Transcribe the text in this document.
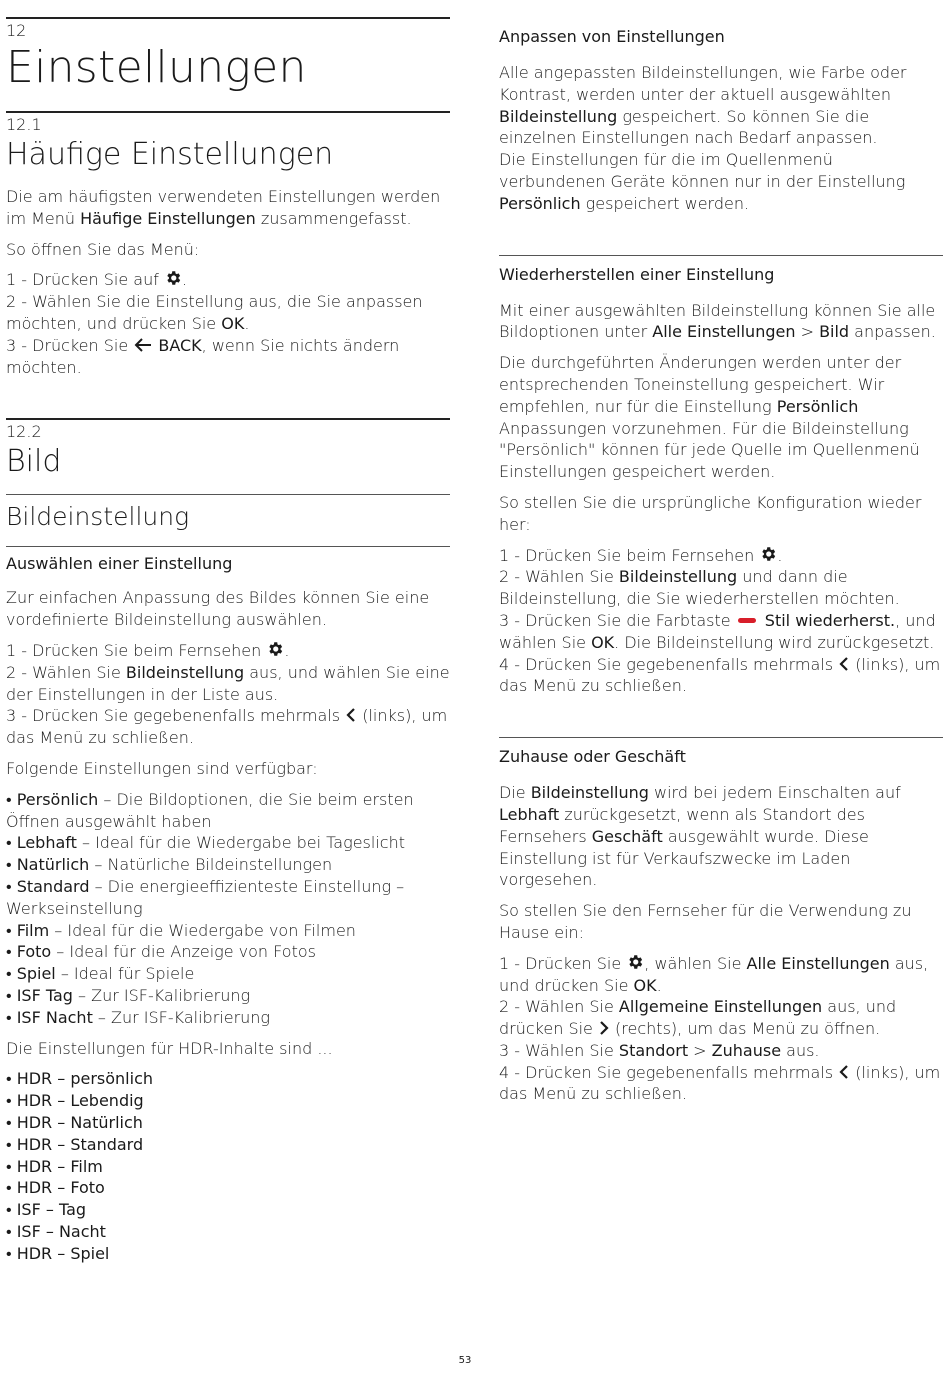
12
Einstellungen
12.1
Häufige Einstellungen

Die am häufigsten verwendeten Einstellungen werden im Menü Häufige Einstellungen zusammengefasst.

So öffnen Sie das Menü:

1 - Drücken Sie auf .

2 - Wählen Sie die Einstellung aus, die Sie anpassen möchten, und drücken Sie OK.

3 - Drücken Sie  BACK, wenn Sie nichts ändern möchten.

12.2
Bild
Bildeinstellung
Auswählen einer Einstellung

Zur einfachen Anpassung des Bildes können Sie eine vordefinierte Bildeinstellung auswählen.

1 - Drücken Sie beim Fernsehen .

2 - Wählen Sie Bildeinstellung aus, und wählen Sie eine der Einstellungen in der Liste aus.

3 - Drücken Sie gegebenenfalls mehrmals  (links), um das Menü zu schließen.

Folgende Einstellungen sind verfügbar:

• Persönlich – Die Bildoptionen, die Sie beim ersten Öffnen ausgewählt haben

• Lebhaft – Ideal für die Wiedergabe bei Tageslicht

• Natürlich – Natürliche Bildeinstellungen

• Standard – Die energieeffizienteste Einstellung – Werkseinstellung

• Film – Ideal für die Wiedergabe von Filmen

• Foto – Ideal für die Anzeige von Fotos

• Spiel – Ideal für Spiele

• ISF Tag – Zur ISF-Kalibrierung

• ISF Nacht – Zur ISF-Kalibrierung

Die Einstellungen für HDR-Inhalte sind ...

• HDR – persönlich

• HDR – Lebendig

• HDR – Natürlich

• HDR – Standard

• HDR – Film

• HDR – Foto

• ISF – Tag

• ISF – Nacht

• HDR – Spiel

Anpassen von Einstellungen

Alle angepassten Bildeinstellungen, wie Farbe oder Kontrast, werden unter der aktuell ausgewählten Bildeinstellung gespeichert. So können Sie die einzelnen Einstellungen nach Bedarf anpassen.

Die Einstellungen für die im Quellenmenü verbundenen Geräte können nur in der Einstellung Persönlich gespeichert werden.

Wiederherstellen einer Einstellung

Mit einer ausgewählten Bildeinstellung können Sie alle Bildoptionen unter Alle Einstellungen > Bild anpassen.

Die durchgeführten Änderungen werden unter der entsprechenden Toneinstellung gespeichert. Wir empfehlen, nur für die Einstellung Persönlich Anpassungen vorzunehmen. Für die Bildeinstellung "Persönlich" können für jede Quelle im Quellenmenü Einstellungen gespeichert werden.

So stellen Sie die ursprüngliche Konfiguration wieder her:

1 - Drücken Sie beim Fernsehen .

2 - Wählen Sie Bildeinstellung und dann die Bildeinstellung, die Sie wiederherstellen möchten.

3 - Drücken Sie die Farbtaste  Stil wiederherst., und wählen Sie OK. Die Bildeinstellung wird zurückgesetzt.

4 - Drücken Sie gegebenenfalls mehrmals  (links), um das Menü zu schließen.

Zuhause oder Geschäft

Die Bildeinstellung wird bei jedem Einschalten auf Lebhaft zurückgesetzt, wenn als Standort des Fernsehers Geschäft ausgewählt wurde. Diese Einstellung ist für Verkaufszwecke im Laden vorgesehen.

So stellen Sie den Fernseher für die Verwendung zu Hause ein:

1 - Drücken Sie , wählen Sie Alle Einstellungen aus, und drücken Sie OK.

2 - Wählen Sie Allgemeine Einstellungen aus, und drücken Sie  (rechts), um das Menü zu öffnen.

3 - Wählen Sie Standort > Zuhause aus.

4 - Drücken Sie gegebenenfalls mehrmals  (links), um das Menü zu schließen.

53
